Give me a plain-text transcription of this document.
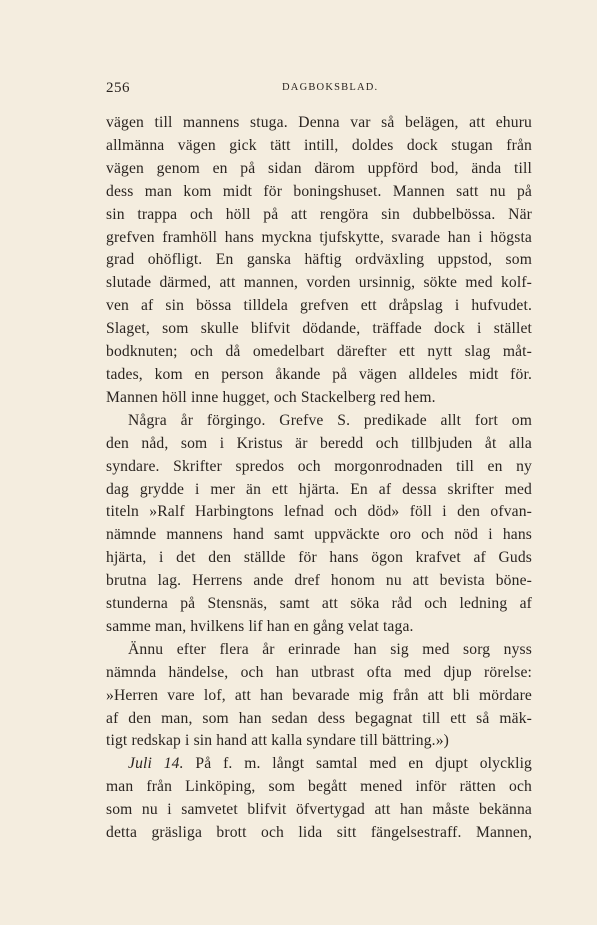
256	DAGBOKSBLAD.

vägen till mannens stuga. Denna var så belägen, att ehuru
allmänna vägen gick tätt intill, doldes dock stugan från
vägen genom en på sidan därom uppförd bod, ända till
dess man kom midt för boningshuset. Mannen satt nu på
sin trappa och höll på att rengöra sin dubbelbössa. När
grefven framhöll hans myckna tjufskytte, svarade han i högsta
grad ohöfligt. En ganska häftig ordväxling uppstod, som
slutade därmed, att mannen, vorden ursinnig, sökte med kolf-
ven af sin bössa tilldela grefven ett dråpslag i hufvudet.
Slaget, som skulle blifvit dödande, träffade dock i stället
bodknuten; och då omedelbart därefter ett nytt slag måt-
tades, kom en person åkande på vägen alldeles midt för.
Mannen höll inne hugget, och Stackelberg red hem.

Några år förgingo. Grefve S. predikade allt fort om
den nåd, som i Kristus är beredd och tillbjuden åt alla
syndare. Skrifter spredos och morgonrodnaden till en ny
dag grydde i mer än ett hjärta. En af dessa skrifter med
titeln »Ralf Harbingtons lefnad och död» föll i den ofvan-
nämnde mannens hand samt uppväckte oro och nöd i hans
hjärta, i det den ställde för hans ögon krafvet af Guds
brutna lag. Herrens ande dref honom nu att bevista böne-
stunderna på Stensnäs, samt att söka råd och ledning af
samme man, hvilkens lif han en gång velat taga.

Ännu efter flera år erinrade han sig med sorg nyss
nämnda händelse, och han utbrast ofta med djup rörelse:
»Herren vare lof, att han bevarade mig från att bli mördare
af den man, som han sedan dess begagnat till ett så mäk-
tigt redskap i sin hand att kalla syndare till bättring.»)

Juli 14. På f. m. långt samtal med en djupt olycklig
man från Linköping, som begått mened inför rätten och
som nu i samvetet blifvit öfvertygad att han måste bekänna
detta gräsliga brott och lida sitt fängelsestraff. Mannen,
